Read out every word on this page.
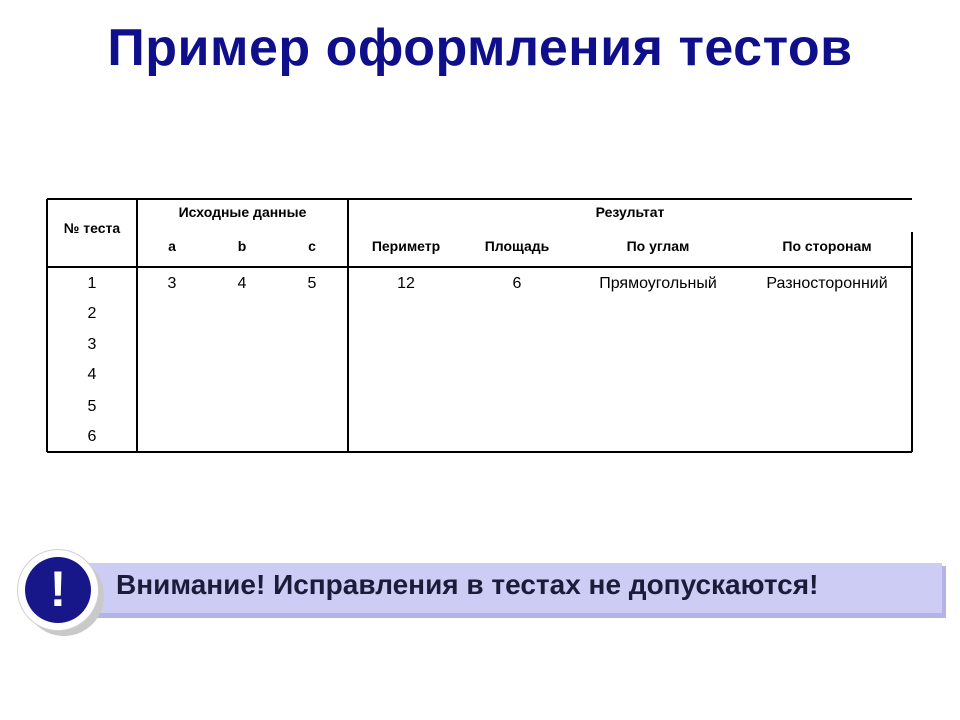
Пример оформления тестов
№ теста
Исходные данные	Результат
a	b	c	Периметр	Площадь	По углам	По сторонам
1	3	4	5	12	6	Прямоугольный	Разносторонний
2
3
4
5
6
Внимание! Исправления в тестах не допускаются!
!
